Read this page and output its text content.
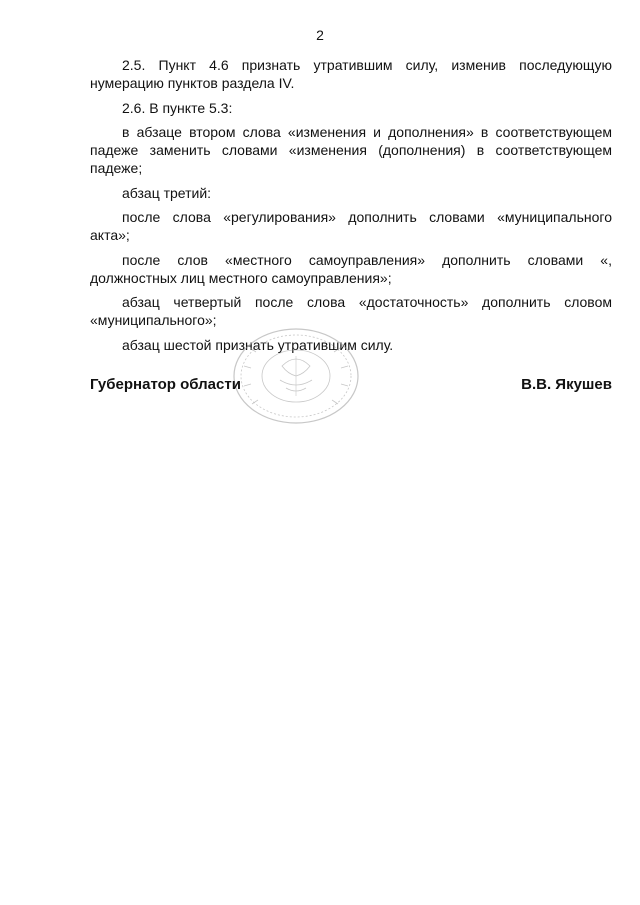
2

2.5. Пункт 4.6 признать утратившим силу, изменив последующую нумерацию пунктов раздела IV.

2.6. В пункте 5.3:

в абзаце втором слова «изменения и дополнения» в соответствующем падеже заменить словами «изменения (дополнения) в соответствующем падеже;

абзац третий:

после слова «регулирования» дополнить словами «муниципального акта»;

после слов «местного самоуправления» дополнить словами «, должностных лиц местного самоуправления»;

абзац четвертый после слова «достаточность» дополнить словом «муниципального»;

абзац шестой признать утратившим силу.

Губернатор области	В.В. Якушев
